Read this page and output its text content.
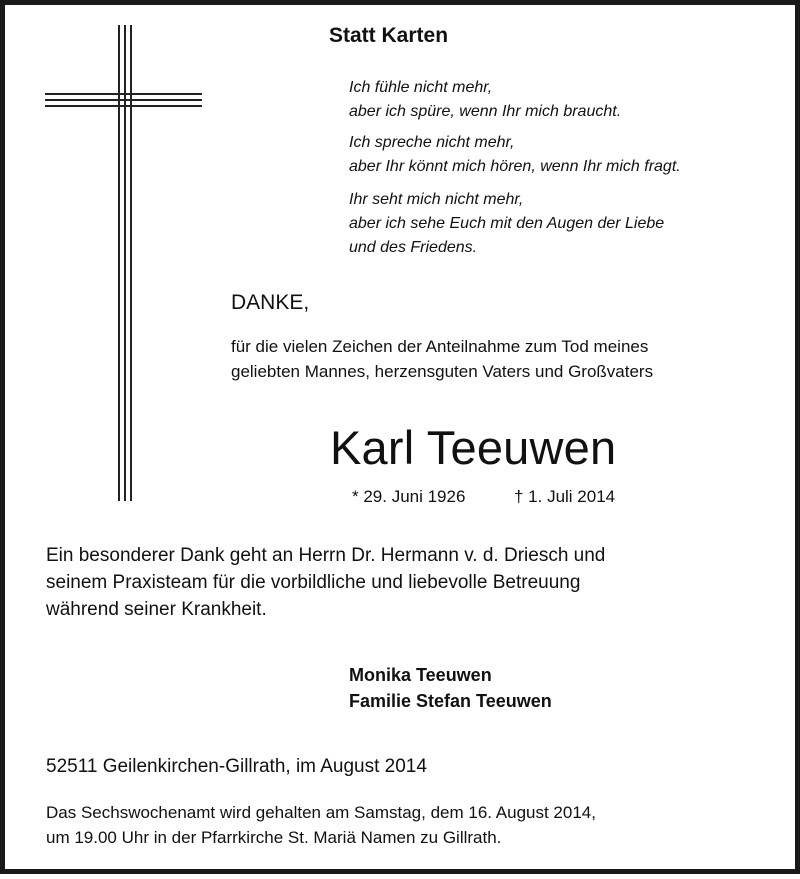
Statt Karten
Ich fühle nicht mehr,
aber ich spüre, wenn Ihr mich braucht.
Ich spreche nicht mehr,
aber Ihr könnt mich hören, wenn Ihr mich fragt.
Ihr seht mich nicht mehr,
aber ich sehe Euch mit den Augen der Liebe
und des Friedens.
DANKE,
für die vielen Zeichen der Anteilnahme zum Tod meines
geliebten Mannes, herzensguten Vaters und Großvaters
Karl Teeuwen
* 29. Juni 1926	† 1. Juli 2014
Ein besonderer Dank geht an Herrn Dr. Hermann v. d. Driesch und
seinem Praxisteam für die vorbildliche und liebevolle Betreuung
während seiner Krankheit.
Monika Teeuwen
Familie Stefan Teeuwen
52511 Geilenkirchen-Gillrath, im August 2014
Das Sechswochenamt wird gehalten am Samstag, dem 16. August 2014,
um 19.00 Uhr in der Pfarrkirche St. Mariä Namen zu Gillrath.
